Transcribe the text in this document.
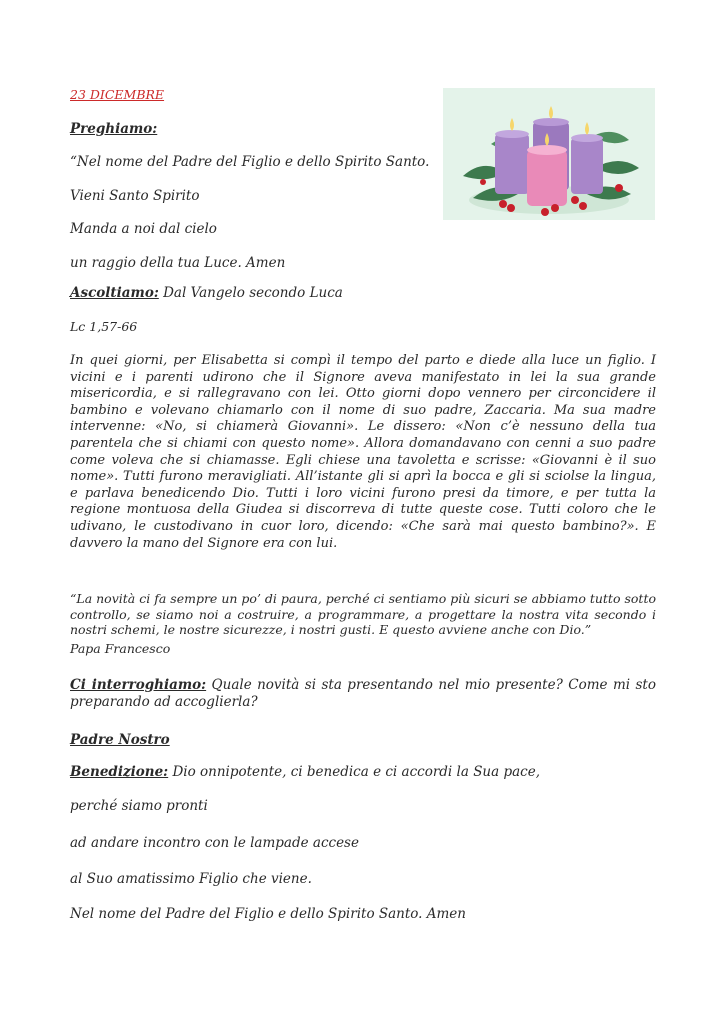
23 DICEMBRE
Preghiamo:
“Nel nome del Padre del Figlio e dello Spirito Santo.
Vieni Santo Spirito
Manda a noi dal cielo
un raggio della tua Luce. Amen
Ascoltiamo: Dal Vangelo secondo Luca
Lc 1,57-66
In quei giorni, per Elisabetta si compì il tempo del parto e diede alla luce un figlio. I vicini e i parenti udirono che il Signore aveva manifestato in lei la sua grande misericordia, e si rallegravano con lei. Otto giorni dopo vennero per circoncidere il bambino e volevano chiamarlo con il nome di suo padre, Zaccaria. Ma sua madre intervenne: «No, si chiamerà Giovanni». Le dissero: «Non c’è nessuno della tua parentela che si chiami con questo nome». Allora domandavano con cenni a suo padre come voleva che si chiamasse. Egli chiese una tavoletta e scrisse: «Giovanni è il suo nome». Tutti furono meravigliati. All’istante gli si aprì la bocca e gli si sciolse la lingua, e parlava benedicendo Dio. Tutti i loro vicini furono presi da timore, e per tutta la regione montuosa della Giudea si discorreva di tutte queste cose. Tutti coloro che le udivano, le custodivano in cuor loro, dicendo: «Che sarà mai questo bambino?». E davvero la mano del Signore era con lui.
“La novità ci fa sempre un po’ di paura, perché ci sentiamo più sicuri se abbiamo tutto sotto controllo, se siamo noi a costruire, a programmare, a progettare la nostra vita secondo i nostri schemi, le nostre sicurezze, i nostri gusti. E questo avviene anche con Dio.”
Papa Francesco
Ci interroghiamo: Quale novità si sta presentando nel mio presente? Come mi sto preparando ad accoglierla?
Padre Nostro
Benedizione: Dio onnipotente, ci benedica e ci accordi la Sua pace,
perché siamo pronti
ad andare incontro con le lampade accese
al Suo amatissimo Figlio che viene.
Nel nome del Padre del Figlio e dello Spirito Santo. Amen
